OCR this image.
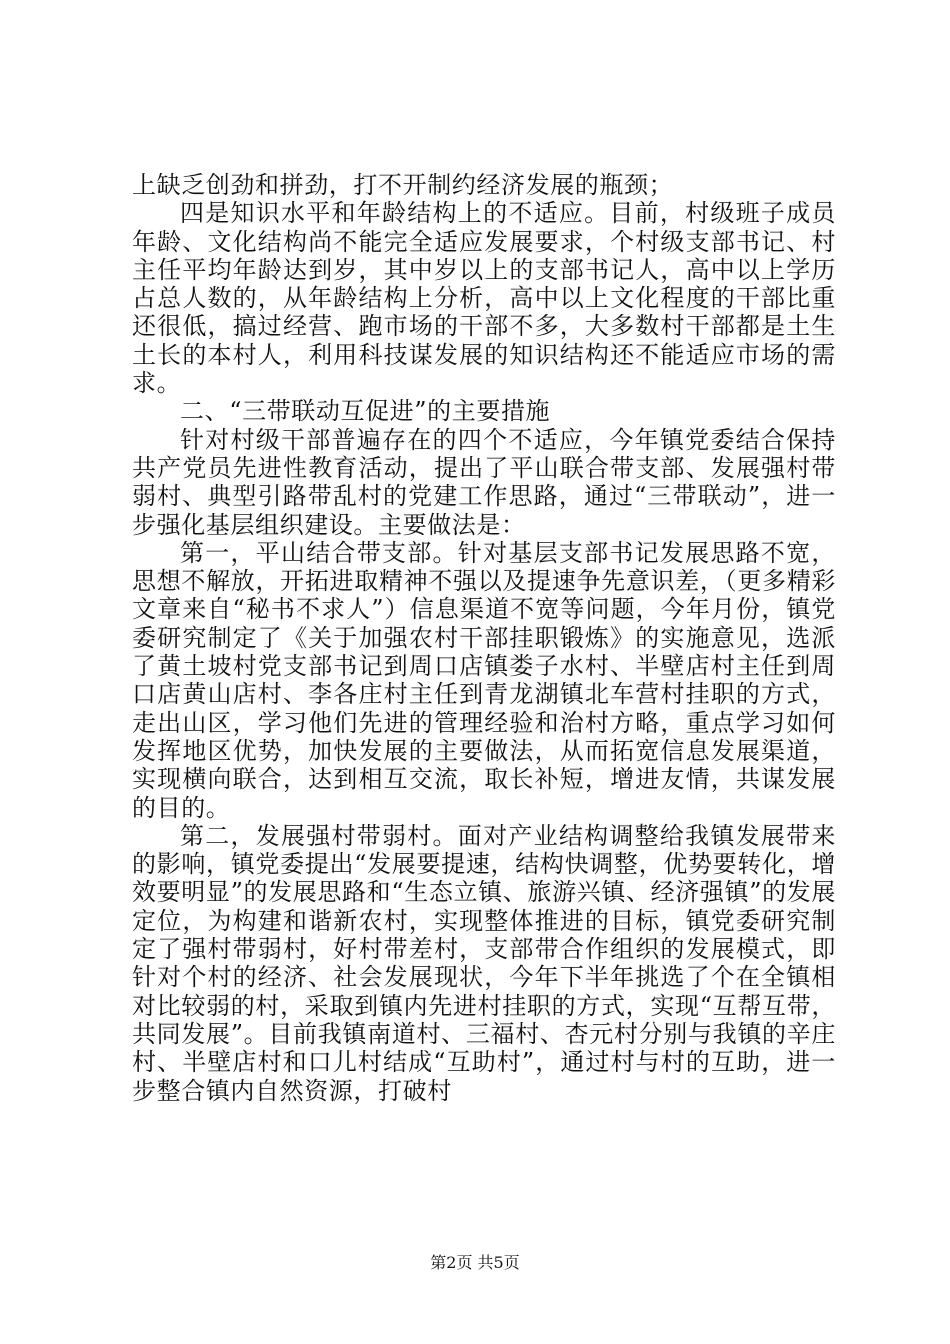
上缺乏创劲和拼劲，打不开制约经济发展的瓶颈；

四是知识水平和年龄结构上的不适应。目前，村级班子成员年龄、文化结构尚不能完全适应发展要求，个村级支部书记、村主任平均年龄达到岁，其中岁以上的支部书记人，高中以上学历占总人数的，从年龄结构上分析，高中以上文化程度的干部比重还很低，搞过经营、跑市场的干部不多，大多数村干部都是土生土长的本村人，利用科技谋发展的知识结构还不能适应市场的需求。

二、“三带联动互促进”的主要措施

针对村级干部普遍存在的四个不适应，今年镇党委结合保持共产党员先进性教育活动，提出了平山联合带支部、发展强村带弱村、典型引路带乱村的党建工作思路，通过“三带联动”，进一步强化基层组织建设。主要做法是：

第一，平山结合带支部。针对基层支部书记发展思路不宽，思想不解放，开拓进取精神不强以及提速争先意识差，（更多精彩文章来自“秘书不求人”）信息渠道不宽等问题，今年月份，镇党委研究制定了《关于加强农村干部挂职锻炼》的实施意见，选派了黄土坡村党支部书记到周口店镇娄子水村、半壁店村主任到周口店黄山店村、李各庄村主任到青龙湖镇北车营村挂职的方式，走出山区，学习他们先进的管理经验和治村方略，重点学习如何发挥地区优势，加快发展的主要做法，从而拓宽信息发展渠道，实现横向联合，达到相互交流，取长补短，增进友情，共谋发展的目的。

第二，发展强村带弱村。面对产业结构调整给我镇发展带来的影响，镇党委提出“发展要提速，结构快调整，优势要转化，增效要明显”的发展思路和“生态立镇、旅游兴镇、经济强镇”的发展定位，为构建和谐新农村，实现整体推进的目标，镇党委研究制定了强村带弱村，好村带差村，支部带合作组织的发展模式，即针对个村的经济、社会发展现状，今年下半年挑选了个在全镇相对比较弱的村，采取到镇内先进村挂职的方式，实现“互帮互带，共同发展”。目前我镇南道村、三福村、杏元村分别与我镇的辛庄村、半壁店村和口儿村结成“互助村”，通过村与村的互助，进一步整合镇内自然资源，打破村

第2页 共5页
